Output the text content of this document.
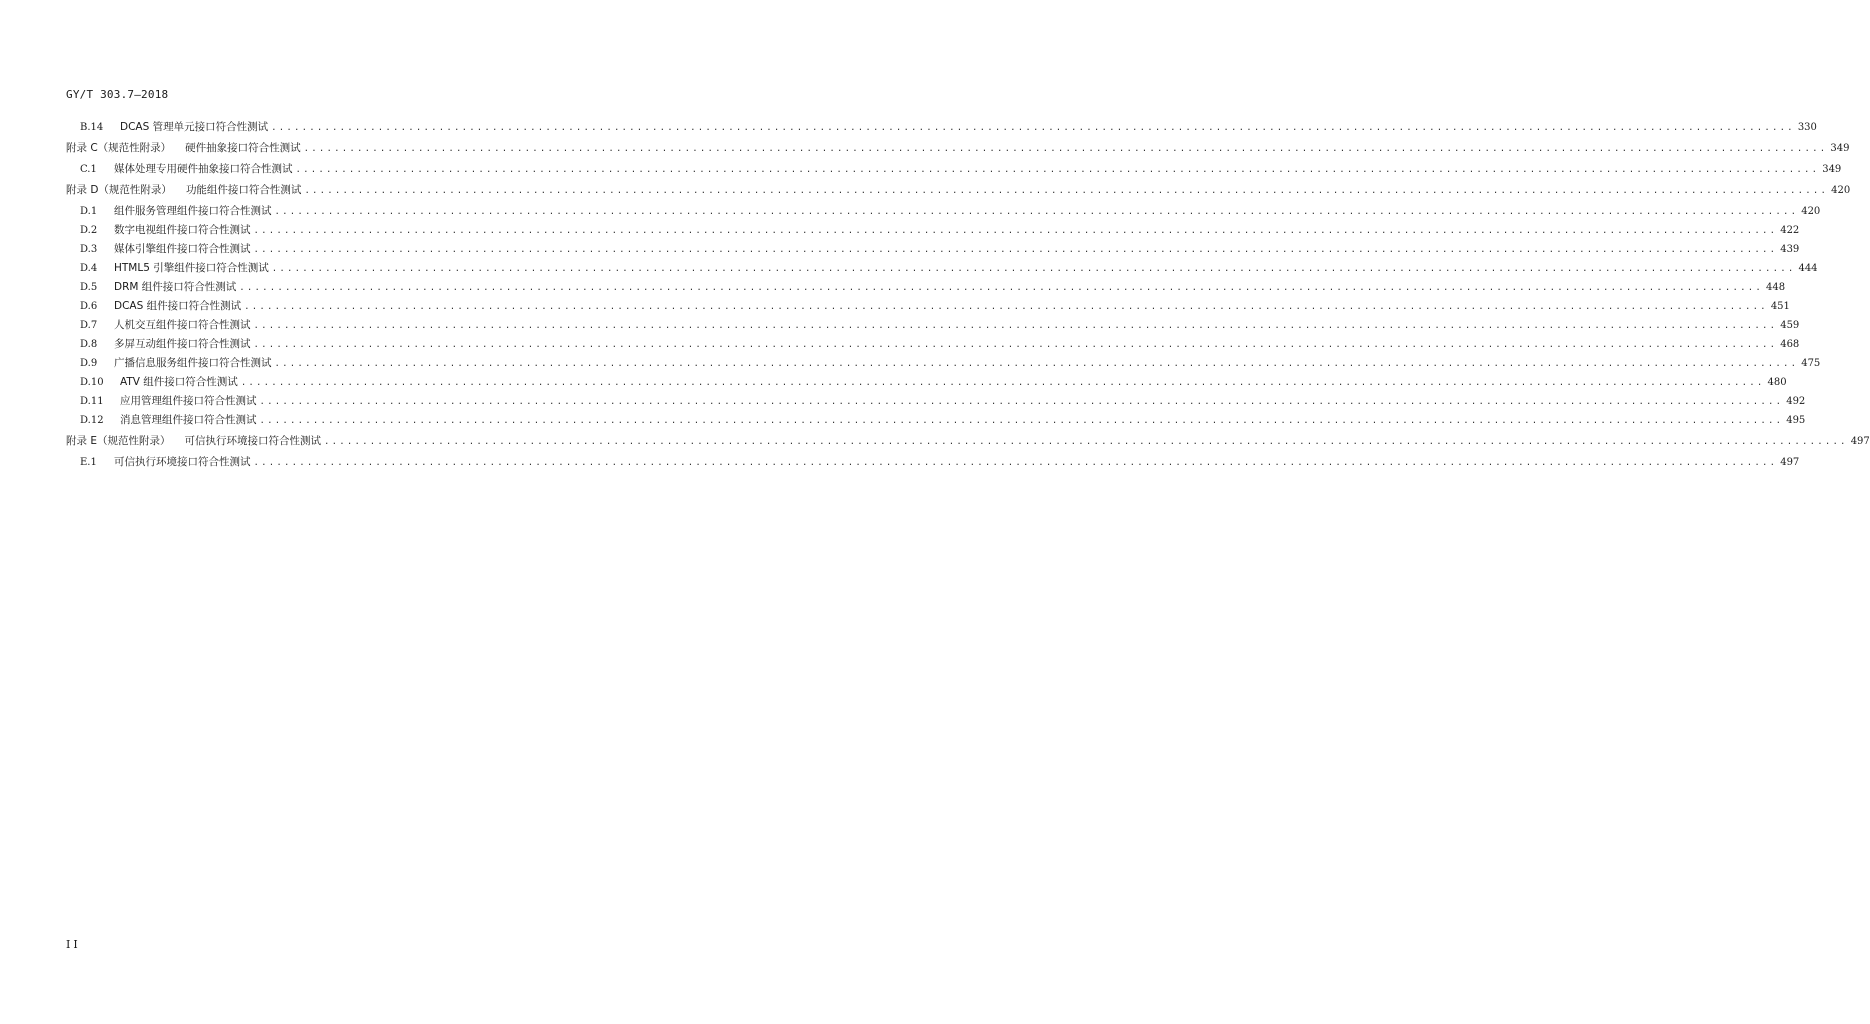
GY/T 303.7—2018
B.14	DCAS 管理单元接口符合性测试 ........................................................................................................................................................................................................ 330
附录 C（规范性附录） 硬件抽象接口符合性测试 ........................................................................................................................................................................................................ 349
C.1	媒体处理专用硬件抽象接口符合性测试 ........................................................................................................................................................................................................ 349
附录 D（规范性附录） 功能组件接口符合性测试 ........................................................................................................................................................................................................ 420
D.1	组件服务管理组件接口符合性测试 ........................................................................................................................................................................................................ 420
D.2	数字电视组件接口符合性测试 ........................................................................................................................................................................................................ 422
D.3	媒体引擎组件接口符合性测试 ........................................................................................................................................................................................................ 439
D.4	HTML5 引擎组件接口符合性测试 ........................................................................................................................................................................................................ 444
D.5	DRM 组件接口符合性测试 ........................................................................................................................................................................................................ 448
D.6	DCAS 组件接口符合性测试 ........................................................................................................................................................................................................ 451
D.7	人机交互组件接口符合性测试 ........................................................................................................................................................................................................ 459
D.8	多屏互动组件接口符合性测试 ........................................................................................................................................................................................................ 468
D.9	广播信息服务组件接口符合性测试 ........................................................................................................................................................................................................ 475
D.10	ATV 组件接口符合性测试 ........................................................................................................................................................................................................ 480
D.11	应用管理组件接口符合性测试 ........................................................................................................................................................................................................ 492
D.12	消息管理组件接口符合性测试 ........................................................................................................................................................................................................ 495
附录 E（规范性附录） 可信执行环境接口符合性测试 ........................................................................................................................................................................................................ 497
E.1	可信执行环境接口符合性测试 ........................................................................................................................................................................................................ 497
II
